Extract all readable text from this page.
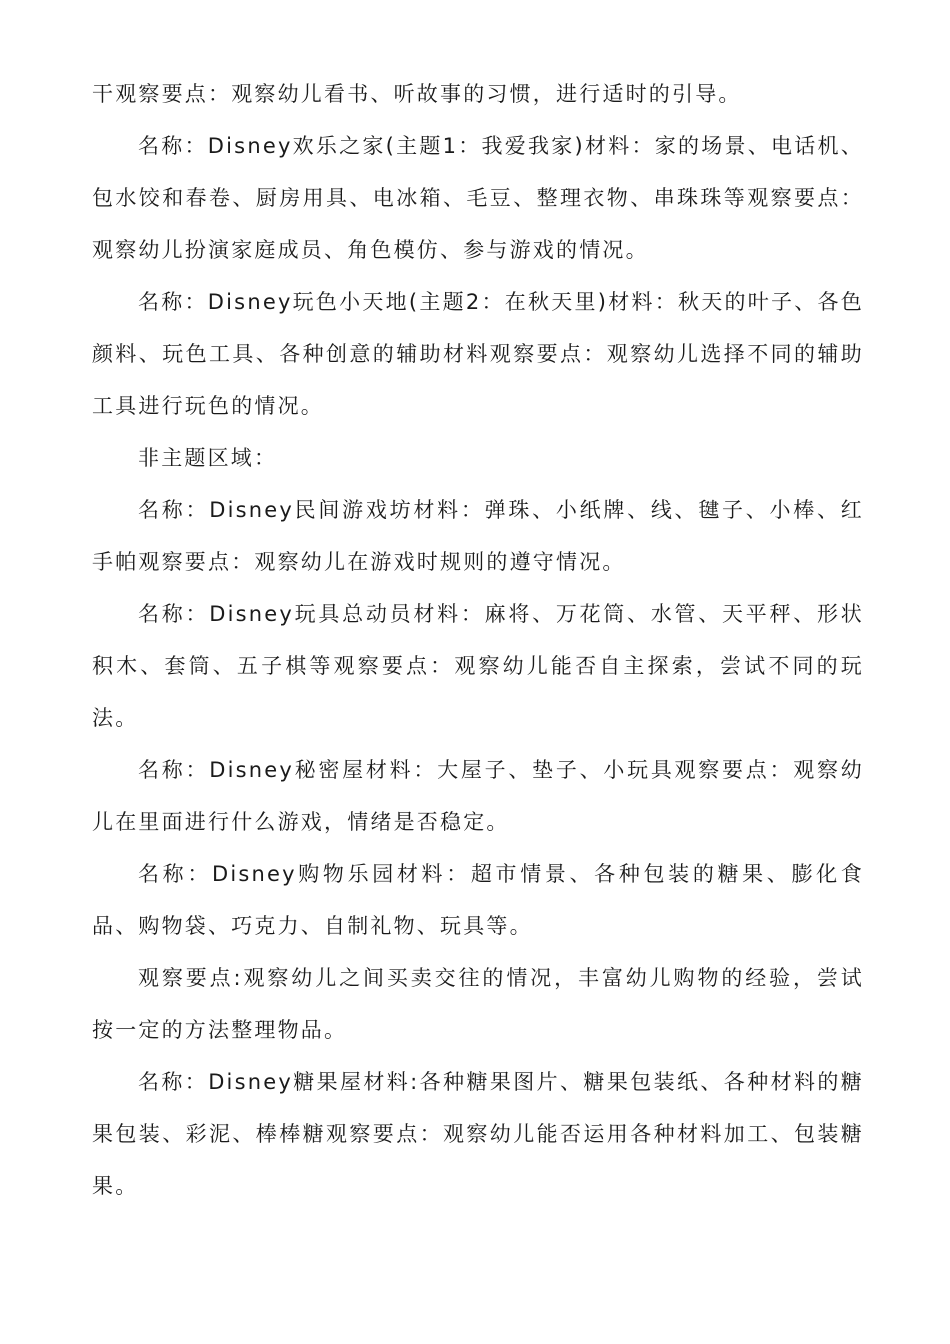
干观察要点：观察幼儿看书、听故事的习惯，进行适时的引导。

名称：Disney欢乐之家(主题1：我爱我家)材料：家的场景、电话机、包水饺和春卷、厨房用具、电冰箱、毛豆、整理衣物、串珠珠等观察要点：观察幼儿扮演家庭成员、角色模仿、参与游戏的情况。

名称：Disney玩色小天地(主题2：在秋天里)材料：秋天的叶子、各色颜料、玩色工具、各种创意的辅助材料观察要点：观察幼儿选择不同的辅助工具进行玩色的情况。

非主题区域：

名称：Disney民间游戏坊材料：弹珠、小纸牌、线、毽子、小棒、红手帕观察要点：观察幼儿在游戏时规则的遵守情况。

名称：Disney玩具总动员材料：麻将、万花筒、水管、天平秤、形状积木、套筒、五子棋等观察要点：观察幼儿能否自主探索，尝试不同的玩法。

名称：Disney秘密屋材料：大屋子、垫子、小玩具观察要点：观察幼儿在里面进行什么游戏，情绪是否稳定。

名称：Disney购物乐园材料：超市情景、各种包装的糖果、膨化食品、购物袋、巧克力、自制礼物、玩具等。

观察要点:观察幼儿之间买卖交往的情况，丰富幼儿购物的经验，尝试按一定的方法整理物品。

名称：Disney糖果屋材料:各种糖果图片、糖果包装纸、各种材料的糖果包装、彩泥、棒棒糖观察要点：观察幼儿能否运用各种材料加工、包装糖果。
